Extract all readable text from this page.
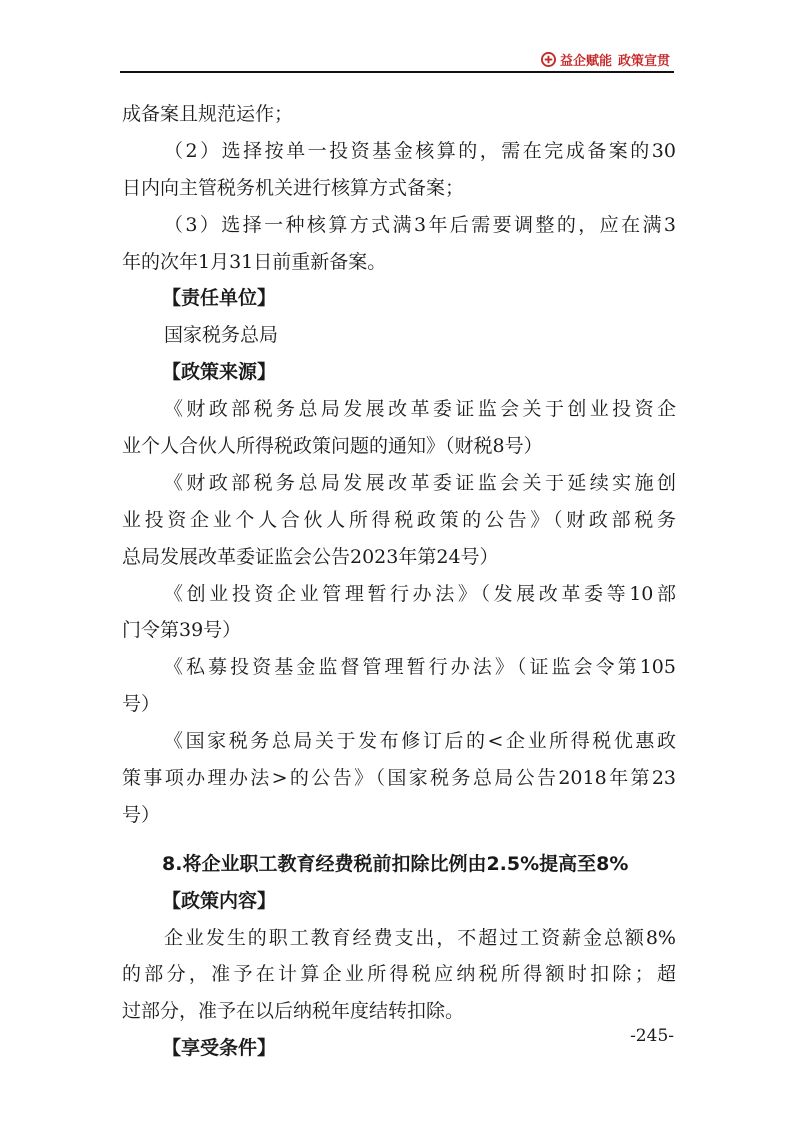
益企赋能 政策宣贯
成备案且规范运作；
（2）选择按单一投资基金核算的，需在完成备案的30
日内向主管税务机关进行核算方式备案；
（3）选择一种核算方式满3年后需要调整的，应在满3
年的次年1月31日前重新备案。
【责任单位】
国家税务总局
【政策来源】
《财政部税务总局发展改革委证监会关于创业投资企
业个人合伙人所得税政策问题的通知》（财税8号）
《财政部税务总局发展改革委证监会关于延续实施创
业投资企业个人合伙人所得税政策的公告》（财政部税务
总局发展改革委证监会公告2023年第24号）
《创业投资企业管理暂行办法》（发展改革委等10部
门令第39号）
《私募投资基金监督管理暂行办法》（证监会令第105
号）
《国家税务总局关于发布修订后的<企业所得税优惠政
策事项办理办法>的公告》（国家税务总局公告2018年第23
号）
8.将企业职工教育经费税前扣除比例由2.5%提高至8%
【政策内容】
企业发生的职工教育经费支出，不超过工资薪金总额8%
的部分，准予在计算企业所得税应纳税所得额时扣除；超
过部分，准予在以后纳税年度结转扣除。
【享受条件】
-245-
